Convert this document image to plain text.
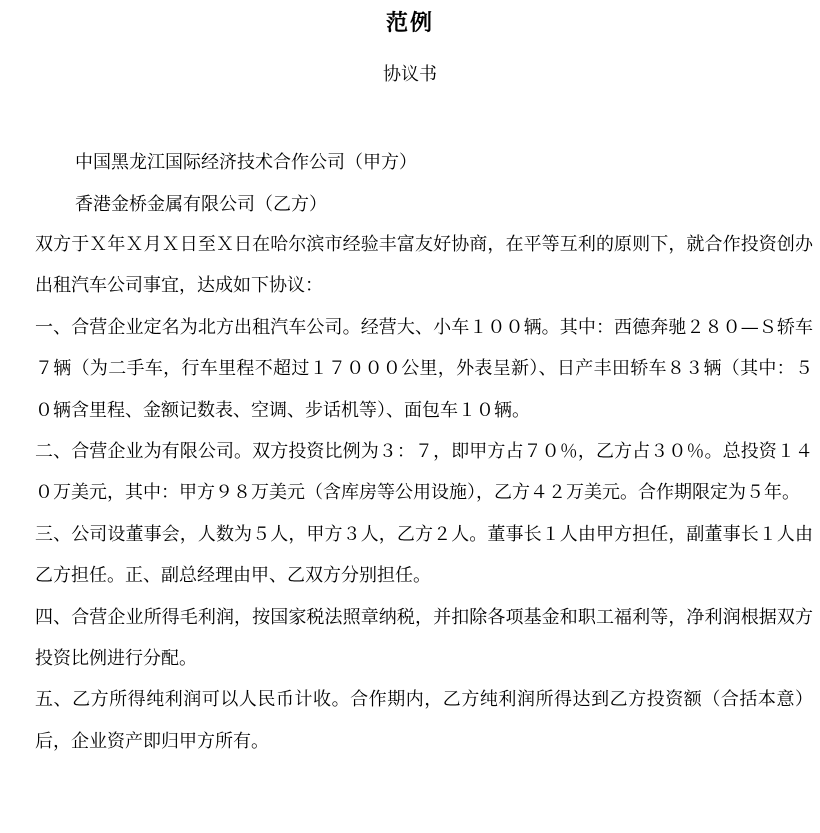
范例
协议书
中国黑龙江国际经济技术合作公司（甲方）
香港金桥金属有限公司（乙方）

双方于Ｘ年Ｘ月Ｘ日至Ｘ日在哈尔滨市经验丰富友好协商，在平等互利的原则下，就合作投资创办出租汽车公司事宜，达成如下协议：

一、合营企业定名为北方出租汽车公司。经营大、小车１００辆。其中：西德奔驰２８０—Ｓ轿车７辆（为二手车，行车里程不超过１７０００公里，外表呈新）、日产丰田轿车８３辆（其中：５０辆含里程、金额记数表、空调、步话机等）、面包车１０辆。

二、合营企业为有限公司。双方投资比例为３：７，即甲方占７０％，乙方占３０％。总投资１４０万美元，其中：甲方９８万美元（含库房等公用设施），乙方４２万美元。合作期限定为５年。

三、公司设董事会，人数为５人，甲方３人，乙方２人。董事长１人由甲方担任，副董事长１人由乙方担任。正、副总经理由甲、乙双方分别担任。

四、合营企业所得毛利润，按国家税法照章纳税，并扣除各项基金和职工福利等，净利润根据双方投资比例进行分配。

五、乙方所得纯利润可以人民币计收。合作期内，乙方纯利润所得达到乙方投资额（合括本意）后，企业资产即归甲方所有。
